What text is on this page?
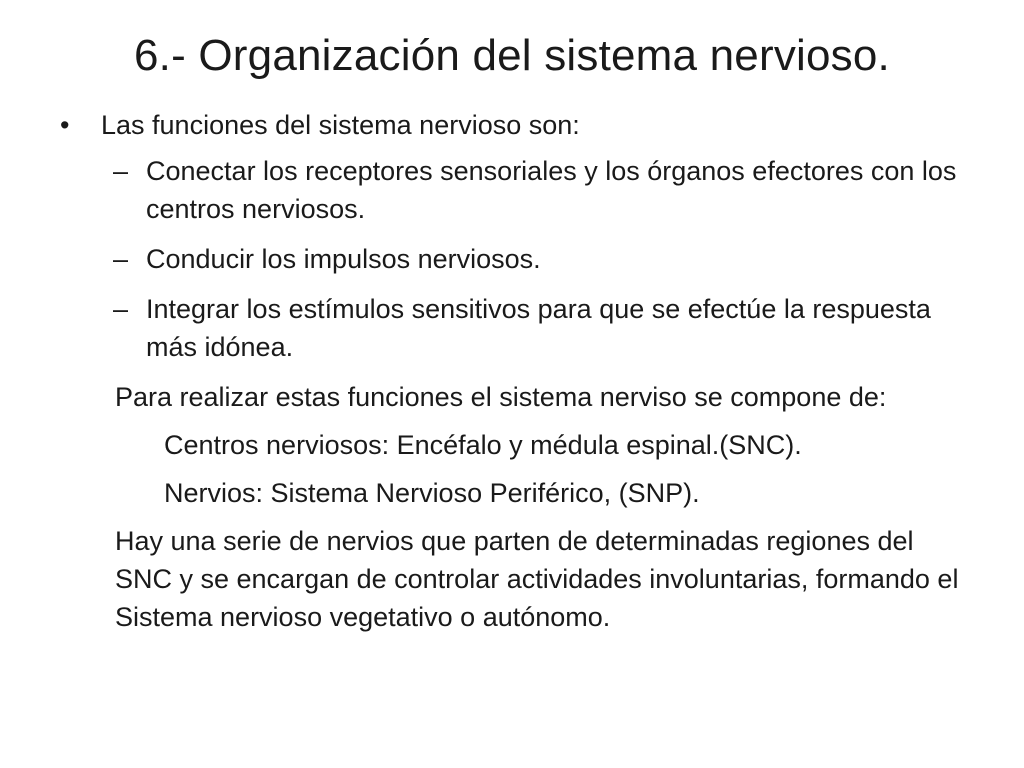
6.- Organización del sistema nervioso.
• Las funciones del sistema nervioso son:
– Conectar los receptores sensoriales y los órganos efectores con los centros nerviosos.
– Conducir los impulsos nerviosos.
– Integrar los estímulos sensitivos para que se efectúe la respuesta más idónea.
Para realizar estas funciones el sistema nerviso se compone de:
Centros nerviosos: Encéfalo y médula espinal.(SNC).
Nervios: Sistema Nervioso Periférico, (SNP).
Hay una serie de nervios que parten de determinadas regiones del SNC y se encargan de controlar actividades involuntarias, formando el Sistema nervioso vegetativo o autónomo.
